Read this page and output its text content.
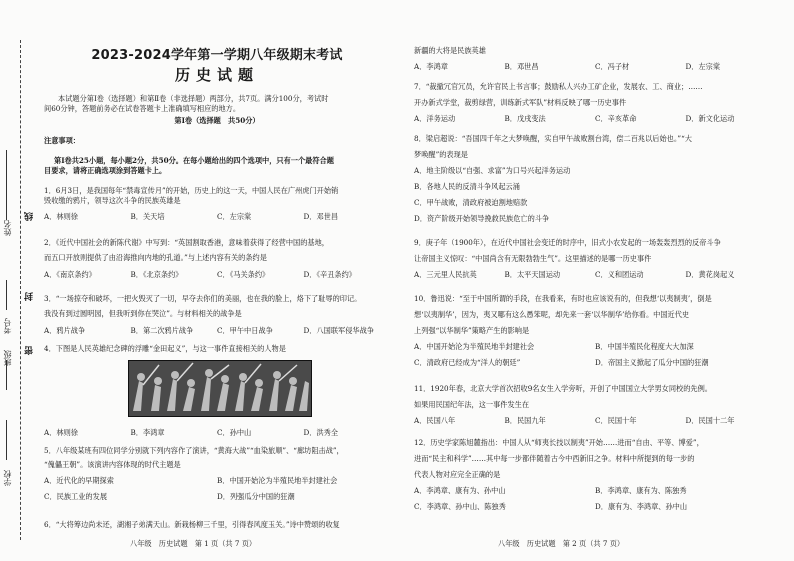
姓名
线
考号
封
班级 密
学校
2023-2024学年第一学期八年级期末考试
历史试题

本试题分第Ⅰ卷（选择题）和第Ⅱ卷（非选择题）两部分，共7页。满分100分，考试时

间60分钟，答题前务必在试卷答题卡上准确填写相应的地方。

第Ⅰ卷（选择题　共50分）
注意事项：

第Ⅰ卷共25小题，每小题2分，共50分。在每小题给出的四个选项中，只有一个最符合题

目要求，请将正确选项涂到答题卡上。

1．6月3日，是我国每年“禁毒宣传月”的开始，历史上的这一天，中国人民在广州虎门开始销

毁收缴的鸦片，领导这次斗争的民族英雄是

A．林则徐	B．关天培	C．左宗棠	D．邓世昌

2．《近代中国社会的新陈代谢》中写到：“英国割取香港，意味着获得了经营中国的基地，

而五口开放则提供了由沿海推向内地的孔道。”与上述内容有关的条约是

A．《南京条约》	B．《北京条约》	C．《马关条约》	D．《辛丑条约》

3．“一场掠夺和破坏，一把火毁灭了一切，早夺去你们的美丽，也在我的脸上，烙下了耻辱的印记。

我没有到过圆明园，但我听到你在哭泣”。与材料相关的战争是

A．鸦片战争	B．第二次鸦片战争	C．甲午中日战争	D．八国联军侵华战争

4．下图是人民英雄纪念碑的浮雕“金田起义”，与这一事件直接相关的人物是

A．林则徐	B．李鸿章	C．孙中山	D．洪秀全

5．八年级某班有四位同学分别就下列内容作了演讲，“黄海大战”“血染旅顺”、“廊坊阻击战”，

“傀儡王朝”。该演讲内容体现的时代主题是

A．近代化的早期探索	B．中国开始沦为半殖民地半封建社会
C．民族工业的发展	D．列强瓜分中国的狂潮

6．“大将筹边尚未还，湖湘子弟满天山。新栽杨柳三千里，引得春风度玉关。”诗中赞颂的收复

八年级　历史试题　第 1 页（共 7 页）

新疆的大将是民族英雄

A．李鸿章	B．邓世昌	C．冯子材	D．左宗棠

7．“裁撤冗官冗员，允许官民上书言事；鼓励私人兴办工矿企业，发展农、工、商业；……

开办新式学堂，裁剪绿营，训练新式军队”材料反映了哪一历史事件

A．洋务运动	B．戊戌变法	C．辛亥革命	D．新文化运动

8．梁启超说：“吾国四千年之大梦唤醒，实自甲午战败割台湾，偿二百兆以后始也。”“大

梦唤醒”的表现是

A．地主阶级以“自强、求富”为口号兴起洋务运动

B．各地人民的反清斗争风起云涌

C．甲午战败，清政府被迫割地赔款

D．资产阶级开始领导挽救民族危亡的斗争

9．庚子年（1900年），在近代中国社会变迁的时序中，旧式小农发起的一场轰轰烈烈的反帝斗争

让帝国主义惊叹：“中国尚含有无限勃勃生气”。这里描述的是哪一历史事件

A．三元里人民抗英	B．太平天国运动	C．义和团运动	D．黄花岗起义

10．鲁迅说：“至于中国所谓的手段，在我看来，有时也应该说有的，但我想‘以夷制夷’，倒是

想‘以夷制华’，因为，夷又哪有这么愚笨呢，却先来一套‘以华制华’给你看。中国近代史

上列强“以华制华”策略产生的影响是

A．中国开始沦为半殖民地半封建社会	B．中国半殖民化程度大大加深
C．清政府已经成为“洋人的朝廷”	D．帝国主义掀起了瓜分中国的狂潮

11．1920年春，北京大学首次招收9名女生入学旁听，开创了中国国立大学男女同校的先例。

如果用民国纪年法，这一事件发生在

A．民国八年	B．民国九年	C．民国十年	D．民国十二年

12．历史学家陈旭麓指出：中国人从“师夷长技以制夷”开始……进而“自由、平等、博爱”，

进而“民主和科学”……其中每一步都伴随着古今中西新旧之争。材料中所提到的每一步的

代表人物对应完全正确的是

A．李鸿章、康有为、孙中山	B．李鸿章、康有为、陈独秀
C．李鸿章、孙中山、陈独秀	D．康有为、李鸿章、孙中山
八年级　历史试题　第 2 页（共 7 页）
